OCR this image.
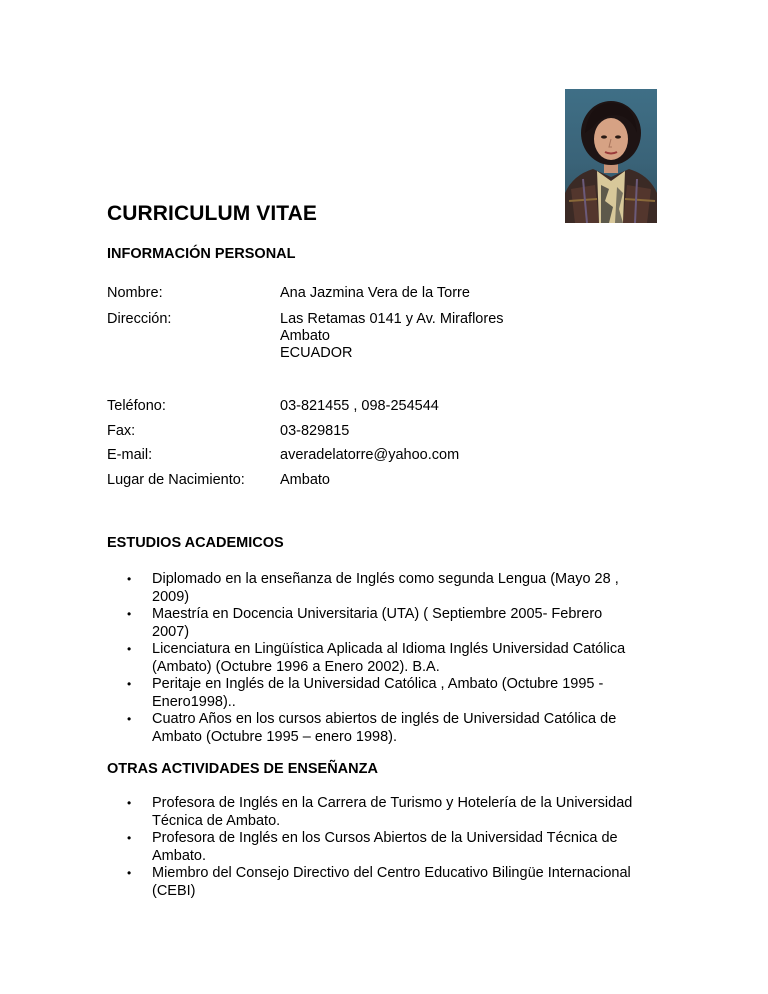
CURRICULUM VITAE
INFORMACIÓN PERSONAL
Nombre:	Ana Jazmina Vera de la Torre
Dirección:	Las Retamas 0141 y Av. Miraflores
Ambato
ECUADOR
Teléfono:	03-821455 , 098-254544
Fax:	03-829815
E-mail:	averadelatorre@yahoo.com
Lugar de Nacimiento: Ambato
ESTUDIOS ACADEMICOS
• Diplomado en la enseñanza de Inglés como segunda Lengua (Mayo 28 ,
2009)
• Maestría en Docencia Universitaria (UTA) ( Septiembre 2005- Febrero
2007)
• Licenciatura en Lingüística Aplicada al Idioma Inglés Universidad Católica
(Ambato) (Octubre 1996 a Enero 2002). B.A.
• Peritaje en Inglés de la Universidad Católica , Ambato (Octubre 1995 -
Enero1998)..
• Cuatro Años en los cursos abiertos de inglés de Universidad Católica de
Ambato (Octubre 1995 – enero 1998).
OTRAS ACTIVIDADES DE ENSEÑANZA
• Profesora de Inglés en la Carrera de Turismo y Hotelería de la Universidad
Técnica de Ambato.
• Profesora de Inglés en los Cursos Abiertos de la Universidad Técnica de
Ambato.
• Miembro del Consejo Directivo del Centro Educativo Bilingüe Internacional
(CEBI)
